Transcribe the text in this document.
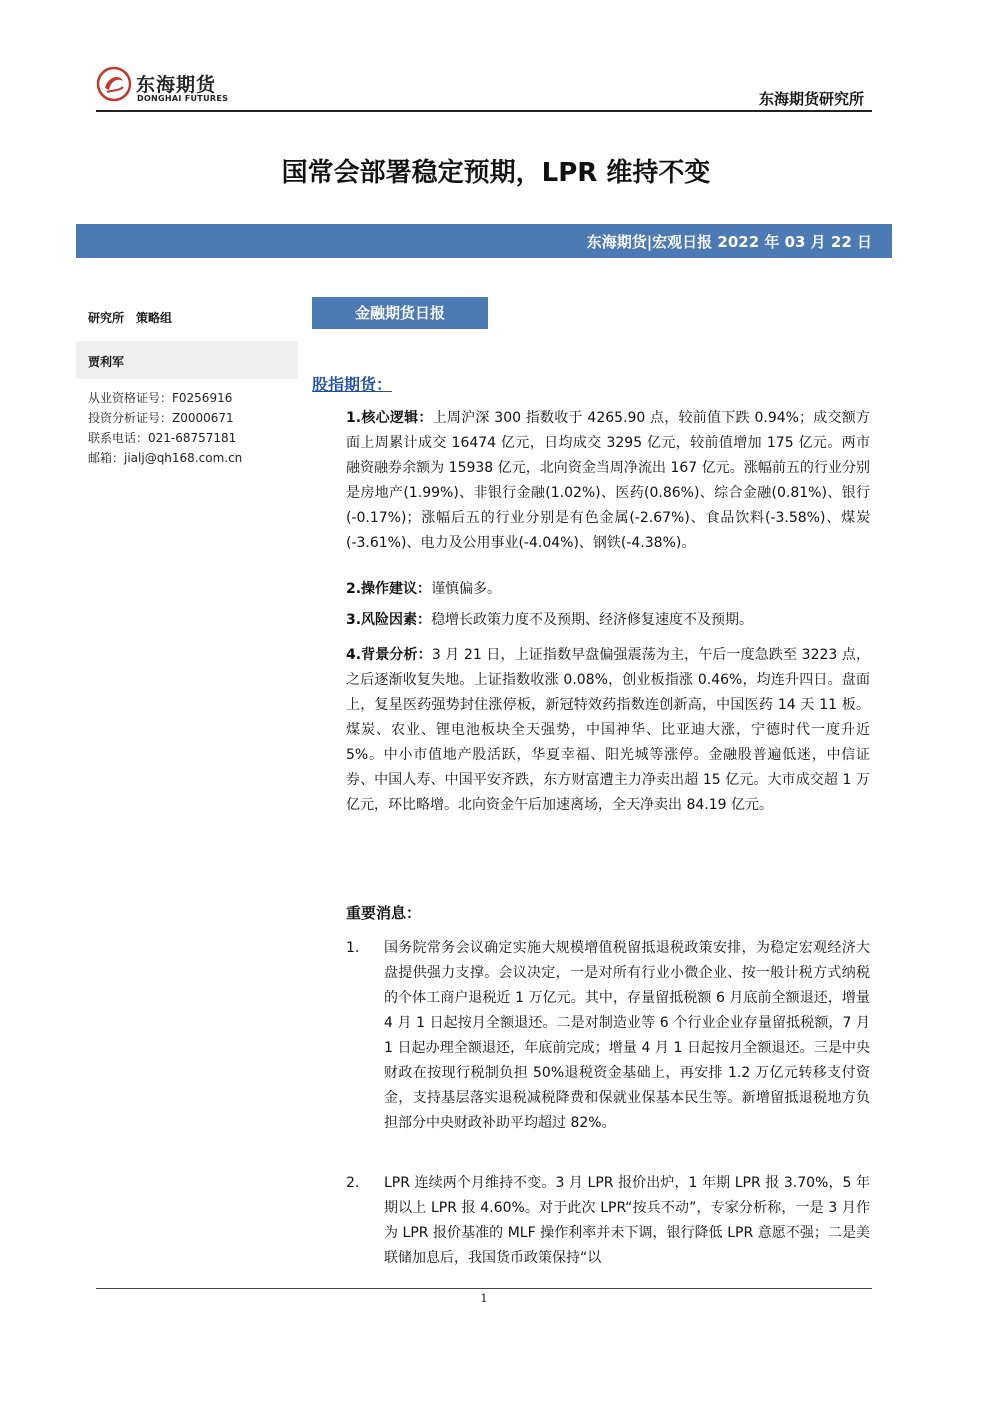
东海期货
DONGHAI FUTURES	东海期货研究所
国常会部署稳定预期，LPR 维持不变
东海期货|宏观日报 2022 年 03 月 22 日
研究所　策略组
贾利军
从业资格证号：F0256916
投资分析证号：Z0000671
联系电话：021-68757181
邮箱：jialj@qh168.com.cn
金融期货日报
股指期货：
1.核心逻辑：上周沪深 300 指数收于 4265.90 点，较前值下跌 0.94%；成交额方面上周累计成交 16474 亿元，日均成交 3295 亿元，较前值增加 175 亿元。两市融资融券余额为 15938 亿元，北向资金当周净流出 167 亿元。涨幅前五的行业分别是房地产(1.99%)、非银行金融(1.02%)、医药(0.86%)、综合金融(0.81%)、银行(-0.17%)；涨幅后五的行业分别是有色金属(-2.67%)、食品饮料(-3.58%)、煤炭(-3.61%)、电力及公用事业(-4.04%)、钢铁(-4.38%)。
2.操作建议：谨慎偏多。
3.风险因素：稳增长政策力度不及预期、经济修复速度不及预期。
4.背景分析：3 月 21 日，上证指数早盘偏强震荡为主，午后一度急跌至 3223 点，之后逐渐收复失地。上证指数收涨 0.08%，创业板指涨 0.46%，均连升四日。盘面上，复星医药强势封住涨停板，新冠特效药指数连创新高，中国医药 14 天 11 板。煤炭、农业、锂电池板块全天强势，中国神华、比亚迪大涨，宁德时代一度升近 5%。中小市值地产股活跃，华夏幸福、阳光城等涨停。金融股普遍低迷，中信证券、中国人寿、中国平安齐跌，东方财富遭主力净卖出超 15 亿元。大市成交超 1 万亿元，环比略增。北向资金午后加速离场，全天净卖出 84.19 亿元。
重要消息：
1. 国务院常务会议确定实施大规模增值税留抵退税政策安排，为稳定宏观经济大盘提供强力支撑。会议决定，一是对所有行业小微企业、按一般计税方式纳税的个体工商户退税近 1 万亿元。其中，存量留抵税额 6 月底前全额退还，增量 4 月 1 日起按月全额退还。二是对制造业等 6 个行业企业存量留抵税额，7 月 1 日起办理全额退还，年底前完成；增量 4 月 1 日起按月全额退还。三是中央财政在按现行税制负担 50%退税资金基础上，再安排 1.2 万亿元转移支付资金，支持基层落实退税减税降费和保就业保基本民生等。新增留抵退税地方负担部分中央财政补助平均超过 82%。
2. LPR 连续两个月维持不变。3 月 LPR 报价出炉，1 年期 LPR 报 3.70%，5 年期以上 LPR 报 4.60%。对于此次 LPR“按兵不动”，专家分析称，一是 3 月作为 LPR 报价基准的 MLF 操作利率并未下调，银行降低 LPR 意愿不强；二是美联储加息后，我国货币政策保持“以
1
